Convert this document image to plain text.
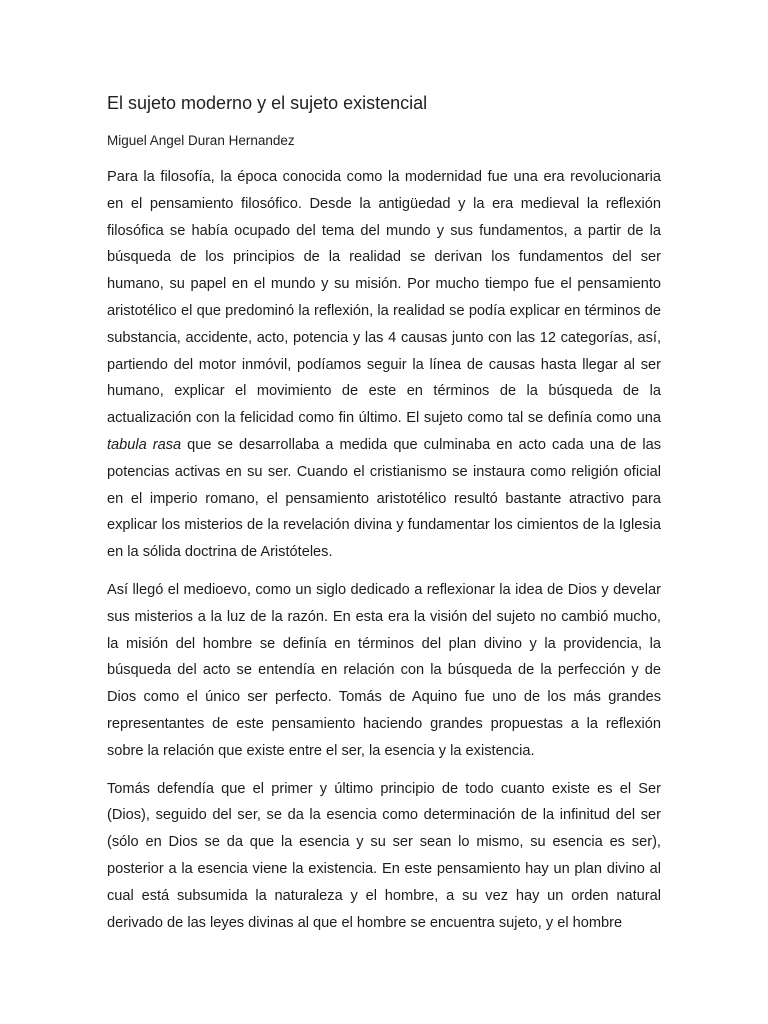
El sujeto moderno y el sujeto existencial

Miguel Angel Duran Hernandez

Para la filosofía, la época conocida como la modernidad fue una era revolucionaria en el pensamiento filosófico. Desde la antigüedad y la era medieval la reflexión filosófica se había ocupado del tema del mundo y sus fundamentos, a partir de la búsqueda de los principios de la realidad se derivan los fundamentos del ser humano, su papel en el mundo y su misión. Por mucho tiempo fue el pensamiento aristotélico el que predominó la reflexión, la realidad se podía explicar en términos de substancia, accidente, acto, potencia y las 4 causas junto con las 12 categorías, así, partiendo del motor inmóvil, podíamos seguir la línea de causas hasta llegar al ser humano, explicar el movimiento de este en términos de la búsqueda de la actualización con la felicidad como fin último. El sujeto como tal se definía como una tabula rasa que se desarrollaba a medida que culminaba en acto cada una de las potencias activas en su ser. Cuando el cristianismo se instaura como religión oficial en el imperio romano, el pensamiento aristotélico resultó bastante atractivo para explicar los misterios de la revelación divina y fundamentar los cimientos de la Iglesia en la sólida doctrina de Aristóteles.

Así llegó el medioevo, como un siglo dedicado a reflexionar la idea de Dios y develar sus misterios a la luz de la razón. En esta era la visión del sujeto no cambió mucho, la misión del hombre se definía en términos del plan divino y la providencia, la búsqueda del acto se entendía en relación con la búsqueda de la perfección y de Dios como el único ser perfecto. Tomás de Aquino fue uno de los más grandes representantes de este pensamiento haciendo grandes propuestas a la reflexión sobre la relación que existe entre el ser, la esencia y la existencia.

Tomás defendía que el primer y último principio de todo cuanto existe es el Ser (Dios), seguido del ser, se da la esencia como determinación de la infinitud del ser (sólo en Dios se da que la esencia y su ser sean lo mismo, su esencia es ser), posterior a la esencia viene la existencia. En este pensamiento hay un plan divino al cual está subsumida la naturaleza y el hombre, a su vez hay un orden natural derivado de las leyes divinas al que el hombre se encuentra sujeto, y el hombre
